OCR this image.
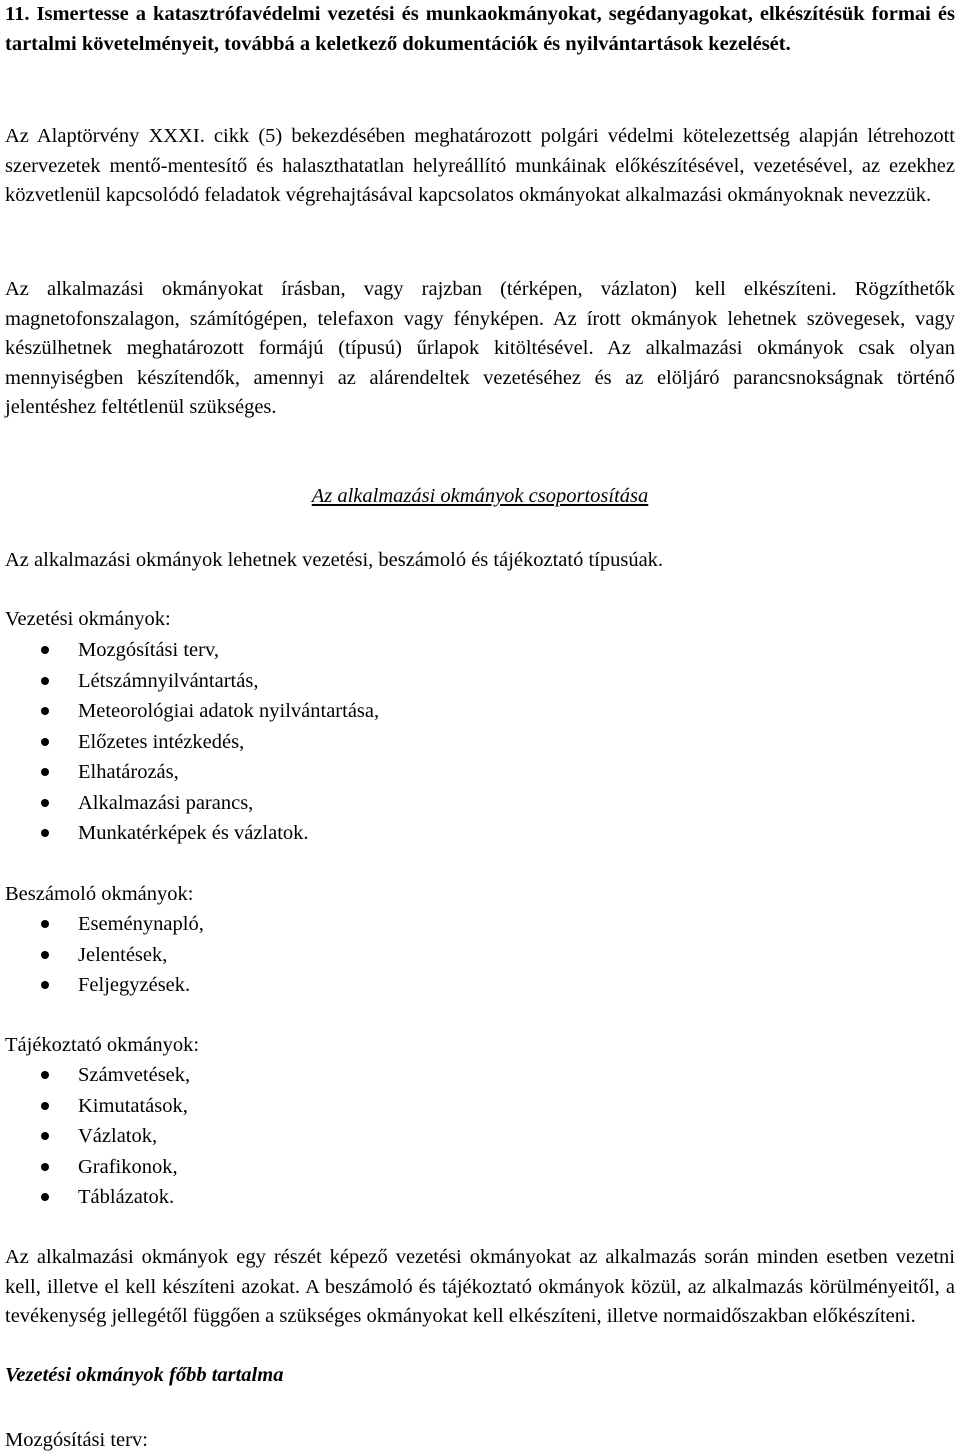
11. Ismertesse a katasztrófavédelmi vezetési és munkaokmányokat, segédanyagokat, elkészítésük formai és tartalmi követelményeit, továbbá a keletkező dokumentációk és nyilvántartások kezelését.
Az Alaptörvény XXXI. cikk (5) bekezdésében meghatározott polgári védelmi kötelezettség alapján létrehozott szervezetek mentő-mentesítő és halaszthatatlan helyreállító munkáinak előkészítésével, vezetésével, az ezekhez közvetlenül kapcsolódó feladatok végrehajtásával kapcsolatos okmányokat alkalmazási okmányoknak nevezzük.
Az alkalmazási okmányokat írásban, vagy rajzban (térképen, vázlaton) kell elkészíteni. Rögzíthetők magnetofonszalagon, számítógépen, telefaxon vagy fényképen. Az írott okmányok lehetnek szövegesek, vagy készülhetnek meghatározott formájú (típusú) űrlapok kitöltésével. Az alkalmazási okmányok csak olyan mennyiségben készítendők, amennyi az alárendeltek vezetéséhez és az elöljáró parancsnokságnak történő jelentéshez feltétlenül szükséges.
Az alkalmazási okmányok csoportosítása
Az alkalmazási okmányok lehetnek vezetési, beszámoló és tájékoztató típusúak.
Vezetési okmányok:
Mozgósítási terv,
Létszámnyilvántartás,
Meteorológiai adatok nyilvántartása,
Előzetes intézkedés,
Elhatározás,
Alkalmazási parancs,
Munkatérképek és vázlatok.
Beszámoló okmányok:
Eseménynapló,
Jelentések,
Feljegyzések.
Tájékoztató okmányok:
Számvetések,
Kimutatások,
Vázlatok,
Grafikonok,
Táblázatok.
Az alkalmazási okmányok egy részét képező vezetési okmányokat az alkalmazás során minden esetben vezetni kell, illetve el kell készíteni azokat. A beszámoló és tájékoztató okmányok közül, az alkalmazás körülményeitől, a tevékenység jellegétől függően a szükséges okmányokat kell elkészíteni, illetve normaidőszakban előkészíteni.
Vezetési okmányok főbb tartalma
Mozgósítási terv:
